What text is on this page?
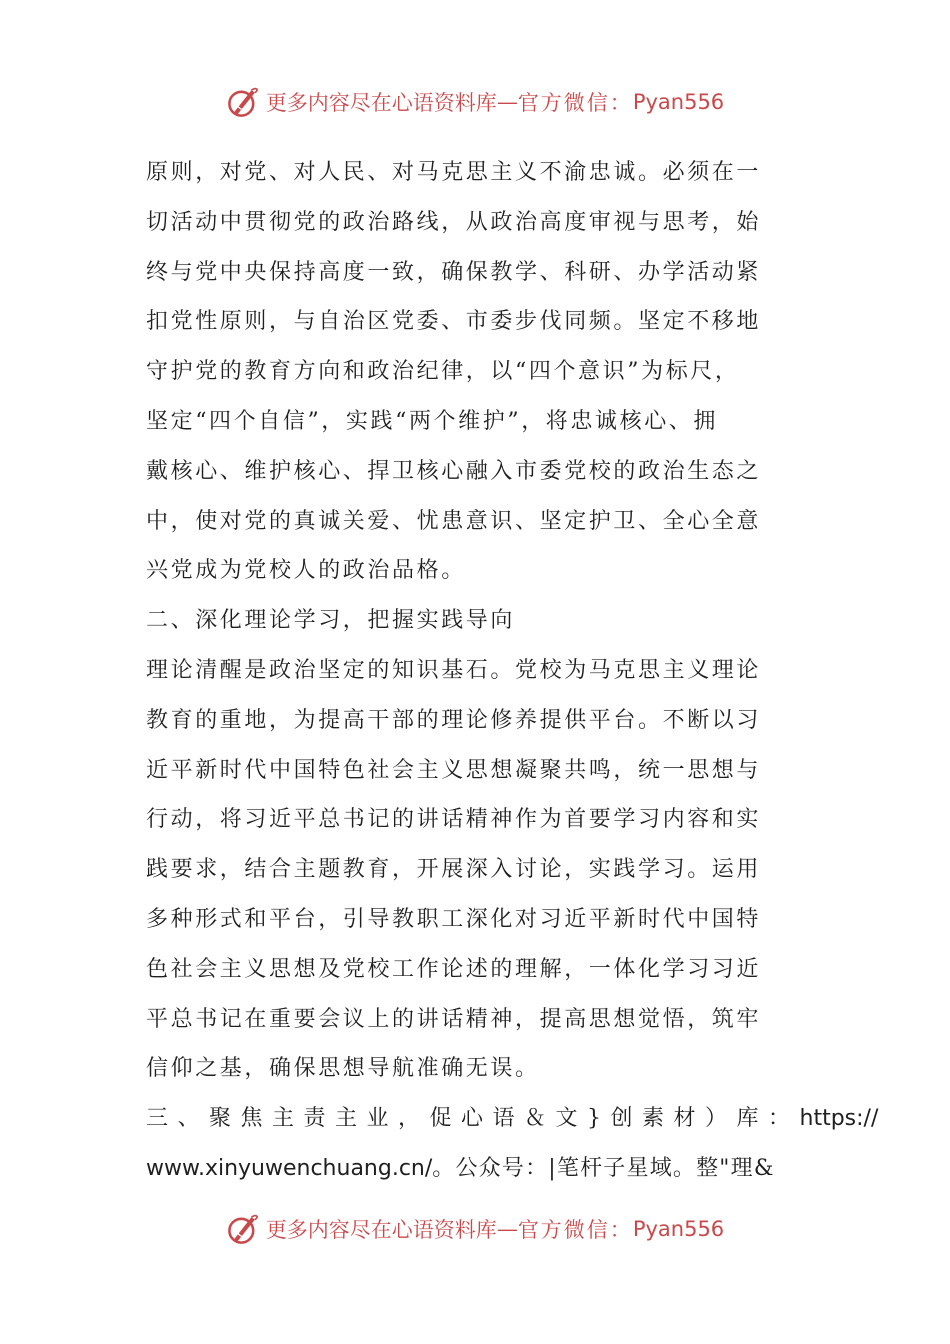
更多内容尽在心语资料库 — 官方微信： Pyan556
原则，对党、对人民、对马克思主义不渝忠诚。必须在一
切活动中贯彻党的政治路线，从政治高度审视与思考，始
终与党中央保持高度一致，确保教学、科研、办学活动紧
扣党性原则，与自治区党委、市委步伐同频。坚定不移地
守护党的教育方向和政治纪律，以“四个意识”为标尺，
坚定“四个自信”，实践“两个维护”，将忠诚核心、拥
戴核心、维护核心、捍卫核心融入市委党校的政治生态之
中，使对党的真诚关爱、忧患意识、坚定护卫、全心全意
兴党成为党校人的政治品格。
二、深化理论学习，把握实践导向
理论清醒是政治坚定的知识基石。党校为马克思主义理论
教育的重地，为提高干部的理论修养提供平台。不断以习
近平新时代中国特色社会主义思想凝聚共鸣，统一思想与
行动，将习近平总书记的讲话精神作为首要学习内容和实
践要求，结合主题教育，开展深入讨论，实践学习。运用
多种形式和平台，引导教职工深化对习近平新时代中国特
色社会主义思想及党校工作论述的理解，一体化学习习近
平总书记在重要会议上的讲话精神，提高思想觉悟，筑牢
信仰之基，确保思想导航准确无误。
三、聚焦主责主业，促心语＆文}创素材）库：https://
www.xinyuwenchuang.cn/。公众号：|笔杆子星域。整"理&
更多内容尽在心语资料库 — 官方微信： Pyan556
